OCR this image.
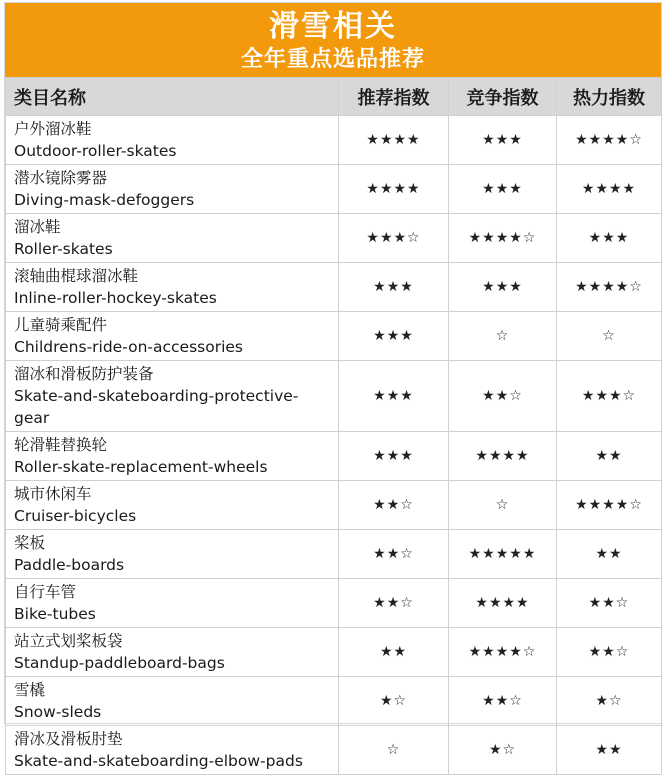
滑雪相关
全年重点选品推荐
类目名称	推荐指数	竞争指数	热力指数

户外溜冰鞋
Outdoor-roller-skates	★★★★	★★★	★★★★☆

潜水镜除雾器
Diving-mask-defoggers	★★★★	★★★	★★★★

溜冰鞋
Roller-skates	★★★☆	★★★★☆	★★★

滚轴曲棍球溜冰鞋
Inline-roller-hockey-skates	★★★	★★★	★★★★☆

儿童骑乘配件
Childrens-ride-on-accessories	★★★	☆	☆

溜冰和滑板防护装备
Skate-and-skateboarding-protective-gear	★★★	★★☆	★★★☆

轮滑鞋替换轮
Roller-skate-replacement-wheels	★★★	★★★★	★★

城市休闲车
Cruiser-bicycles	★★☆	☆	★★★★☆

桨板
Paddle-boards	★★☆	★★★★★	★★

自行车管
Bike-tubes	★★☆	★★★★	★★☆

站立式划桨板袋
Standup-paddleboard-bags	★★	★★★★☆	★★☆

雪橇
Snow-sleds	★☆	★★☆	★☆

滑冰及滑板肘垫
Skate-and-skateboarding-elbow-pads	☆	★☆	★★
